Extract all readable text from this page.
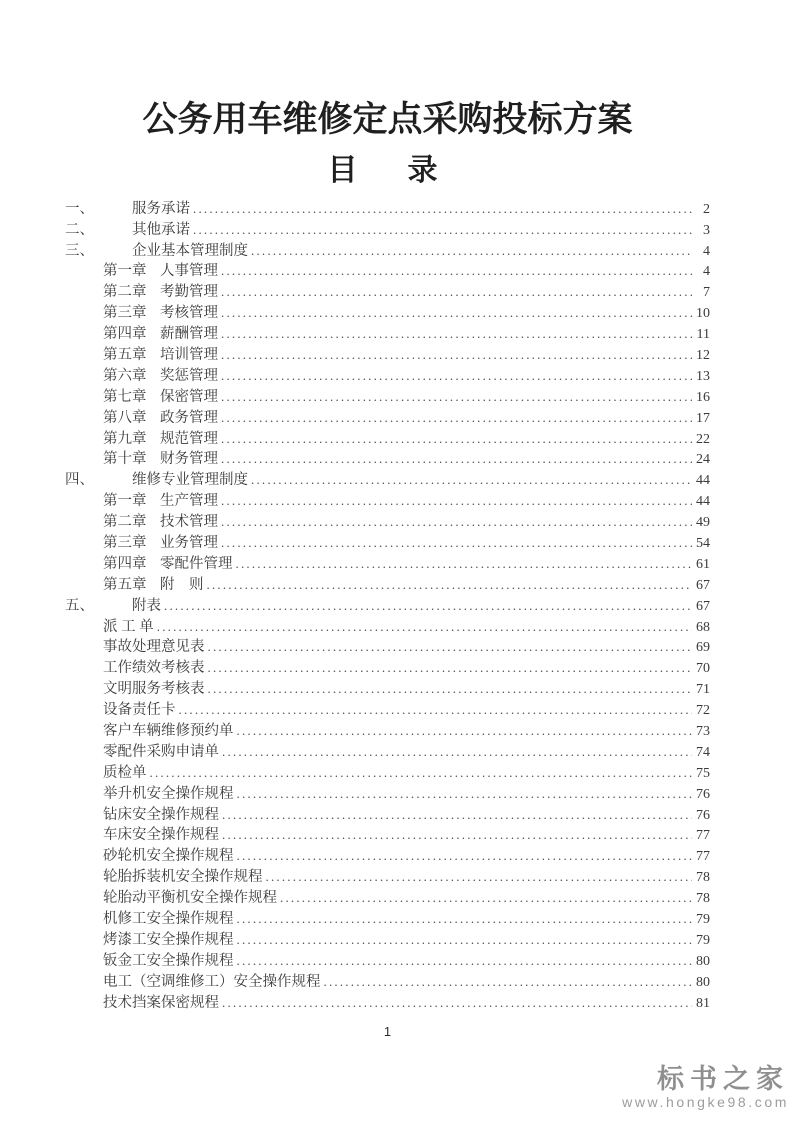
公务用车维修定点采购投标方案
目　录
一、	服务承诺 .....	2
二、	其他承诺 .....	3
三、	企业基本管理制度 .....	4
第一章 人事管理 .....	4
第二章 考勤管理 .....	7
第三章 考核管理 .....	10
第四章 薪酬管理 .....	11
第五章 培训管理 .....	12
第六章 奖惩管理 .....	13
第七章 保密管理 .....	16
第八章 政务管理 .....	17
第九章 规范管理 .....	22
第十章 财务管理 .....	24
四、	维修专业管理制度 .....	44
第一章 生产管理 .....	44
第二章 技术管理 .....	49
第三章 业务管理 .....	54
第四章 零配件管理 .....	61
第五章 附　则 .....	67
五、	附表 .....	67
派 工 单 .....	68
事故处理意见表 .....	69
工作绩效考核表 .....	70
文明服务考核表 .....	71
设备责任卡 .....	72
客户车辆维修预约单 .....	73
零配件采购申请单 .....	74
质检单 .....	75
举升机安全操作规程 .....	76
钻床安全操作规程 .....	76
车床安全操作规程 .....	77
砂轮机安全操作规程 .....	77
轮胎拆装机安全操作规程 .....	78
轮胎动平衡机安全操作规程 .....	78
机修工安全操作规程 .....	79
烤漆工安全操作规程 .....	79
钣金工安全操作规程 .....	80
电工（空调维修工）安全操作规程 .....	80
技术挡案保密规程 .....	81
1
标书之家
www.hongke98.com
